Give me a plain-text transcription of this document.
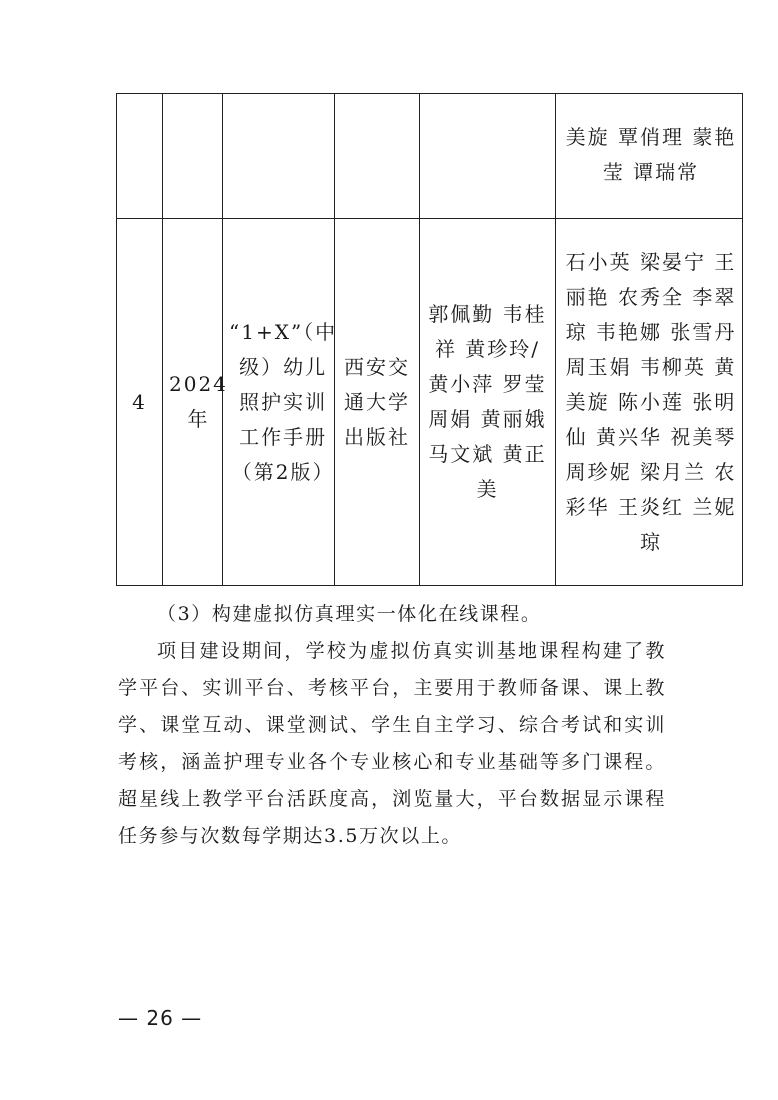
					美旋 覃俏理 蒙艳莹 谭瑞常
4	2024年	“1+X”（中级）幼儿照护实训工作手册（第2版）	西安交通大学出版社	郭佩勤 韦桂祥 黄珍玲/黄小萍 罗莹 周娟 黄丽娥 马文斌 黄正美	石小英 梁晏宁 王丽艳 农秀全 李翠琼 韦艳娜 张雪丹 周玉娟 韦柳英 黄美旋 陈小莲 张明仙 黄兴华 祝美琴 周珍妮 梁月兰 农彩华 王炎红 兰妮琼

（3）构建虚拟仿真理实一体化在线课程。

项目建设期间，学校为虚拟仿真实训基地课程构建了教学平台、实训平台、考核平台，主要用于教师备课、课上教学、课堂互动、课堂测试、学生自主学习、综合考试和实训考核，涵盖护理专业各个专业核心和专业基础等多门课程。超星线上教学平台活跃度高，浏览量大，平台数据显示课程任务参与次数每学期达3.5万次以上。

— 26 —
